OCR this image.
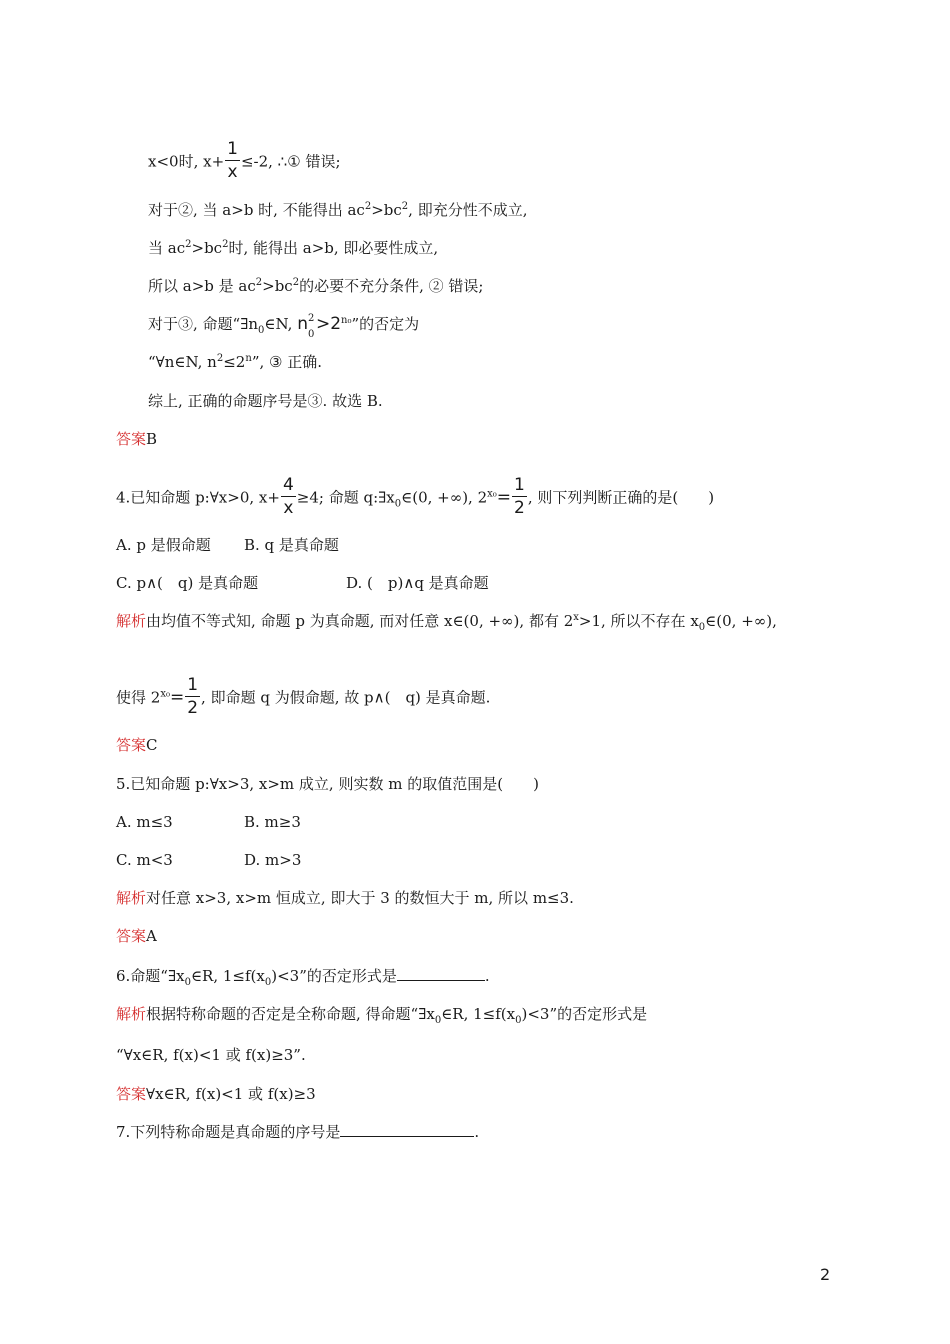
x<0时, $x+ \frac{1}{x} \le-2$, ∴① 错误;
对于②, 当 a>b 时, 不能得出 $ac^2>bc^2$, 即充分性不成立,
当 $ac^2>bc^2$时, 能得出 a>b, 即必要性成立,
所以 a>b 是 $ac^2>bc^2$的必要不充分条件, ② 错误;
对于③, 命题“$\exists n_0\in N$, n 2
0
$>2^{n_0}$”的否定为
“∀n∈N, $n^2\le 2^n$”, ③ 正确.
综上, 正确的命题序号是③. 故选 B.
答案B
4.已知命题 p:∀x>0, $x+ \frac{4}{x} \ge 4$; 命题 $q:\exists x_0\in(0$, +∞), $2^{x_0}= \frac{1}{2}$ , 则下列判断正确的是(　　)
A. p 是假命题 B. q 是真命题
C. p∧(　q) 是真命题	D. (　p)∧q 是真命题
解析由均值不等式知, 命题 p 为真命题, 而对任意 x∈(0, +∞), 都有 $2^x>1$, 所以不存在 $x_0\in(0$, +∞),
使得 $2^{x_0}= \frac{1}{2}$ , 即命题 q 为假命题, 故 p∧(　q) 是真命题.
答案C
5.已知命题 p:∀x>3, x>m 成立, 则实数 m 的取值范围是(　　)
A. m≤3	B. m≥3
C. m<3	D. m>3
解析对任意 x>3, x>m 恒成立, 即大于 3 的数恒大于 m, 所以 m≤3.
答案A
6.命题“$\exists x_0\in R$, $1\le f(x_0)<3$”的否定形式是	.
解析根据特称命题的否定是全称命题, 得命题“$\exists x_0\in R$, $1\le f(x_0)<3$”的否定形式是
“∀x∈R, f(x)<1 或 f(x)≥3”.
答案∀x∈R, f(x)<1 或 f(x)≥3
7.下列特称命题是真命题的序号是	.
2
